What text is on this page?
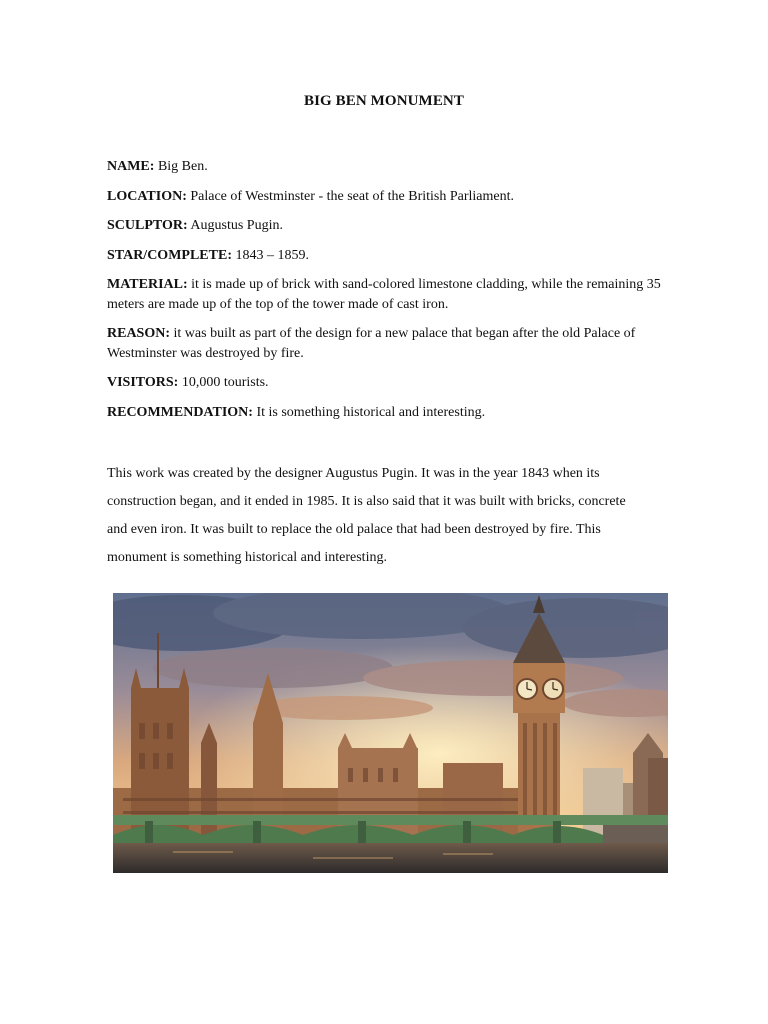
BIG BEN MONUMENT

NAME: Big Ben.

LOCATION: Palace of Westminster - the seat of the British Parliament.

SCULPTOR: Augustus Pugin.

STAR/COMPLETE: 1843 – 1859.

MATERIAL: it is made up of brick with sand-colored limestone cladding, while the remaining 35 meters are made up of the top of the tower made of cast iron.

REASON: it was built as part of the design for a new palace that began after the old Palace of Westminster was destroyed by fire.

VISITORS: 10,000 tourists.

RECOMMENDATION: It is something historical and interesting.

This work was created by the designer Augustus Pugin. It was in the year 1843 when its construction began, and it ended in 1985. It is also said that it was built with bricks, concrete and even iron. It was built to replace the old palace that had been destroyed by fire. This monument is something historical and interesting.
